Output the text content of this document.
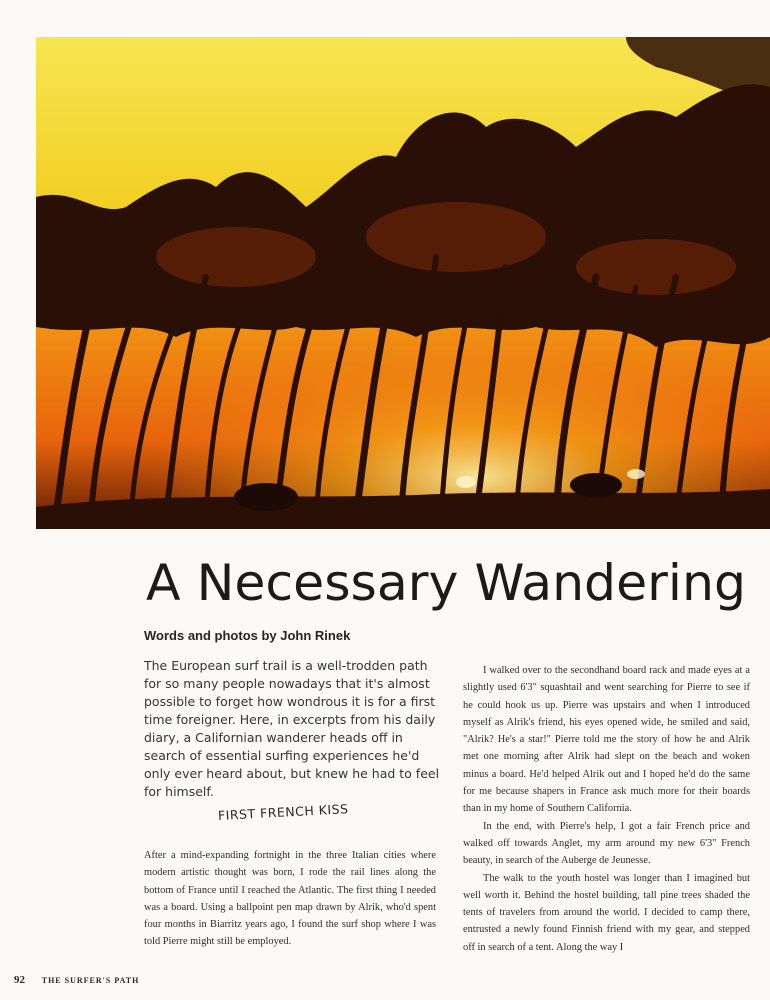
A Necessary Wandering
Words and photos by John Rinek

The European surf trail is a well-trodden path for so many people nowadays that it's almost possible to forget how wondrous it is for a first time foreigner. Here, in excerpts from his daily diary, a Californian wanderer heads off in search of essential surfing experiences he'd only ever heard about, but knew he had to feel for himself.

FIRST FRENCH KISS

After a mind-expanding fortnight in the three Italian cities where modern artistic thought was born, I rode the rail lines along the bottom of France until I reached the Atlantic. The first thing I needed was a board. Using a ballpoint pen map drawn by Alrik, who'd spent four months in Biarritz years ago, I found the surf shop where I was told Pierre might still be employed.

I walked over to the secondhand board rack and made eyes at a slightly used 6'3" squashtail and went searching for Pierre to see if he could hook us up. Pierre was upstairs and when I introduced myself as Alrik's friend, his eyes opened wide, he smiled and said, "Alrik? He's a star!" Pierre told me the story of how he and Alrik met one morning after Alrik had slept on the beach and woken minus a board. He'd helped Alrik out and I hoped he'd do the same for me because shapers in France ask much more for their boards than in my home of Southern California.

In the end, with Pierre's help, I got a fair French price and walked off towards Anglet, my arm around my new 6'3" French beauty, in search of the Auberge de Jeunesse.

The walk to the youth hostel was longer than I imagined but well worth it. Behind the hostel building, tall pine trees shaded the tents of travelers from around the world. I decided to camp there, entrusted a newly found Finnish friend with my gear, and stepped off in search of a tent. Along the way I

92 THE SURFER'S PATH
